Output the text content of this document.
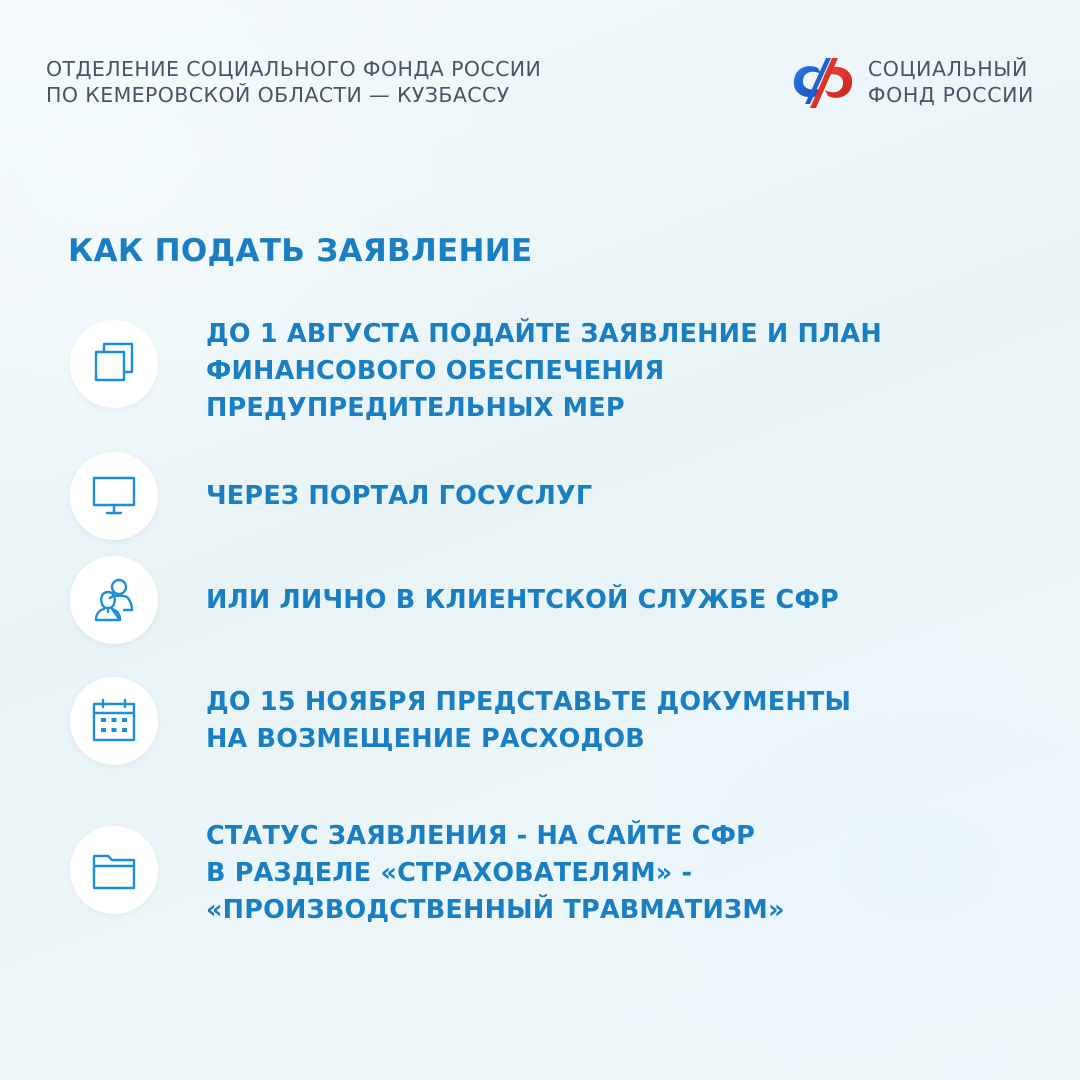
ОТДЕЛЕНИЕ СОЦИАЛЬНОГО ФОНДА РОССИИ
ПО КЕМЕРОВСКОЙ ОБЛАСТИ — КУЗБАССУ
СОЦИАЛЬНЫЙ
ФОНД РОССИИ
КАК ПОДАТЬ ЗАЯВЛЕНИЕ
ДО 1 АВГУСТА ПОДАЙТЕ ЗАЯВЛЕНИЕ И ПЛАН
ФИНАНСОВОГО ОБЕСПЕЧЕНИЯ
ПРЕДУПРЕДИТЕЛЬНЫХ МЕР
ЧЕРЕЗ ПОРТАЛ ГОСУСЛУГ
ИЛИ ЛИЧНО В КЛИЕНТСКОЙ СЛУЖБЕ СФР
ДО 15 НОЯБРЯ ПРЕДСТАВЬТЕ ДОКУМЕНТЫ
НА ВОЗМЕЩЕНИЕ РАСХОДОВ
СТАТУС ЗАЯВЛЕНИЯ - НА САЙТЕ СФР
В РАЗДЕЛЕ «СТРАХОВАТЕЛЯМ» -
«ПРОИЗВОДСТВЕННЫЙ ТРАВМАТИЗМ»
